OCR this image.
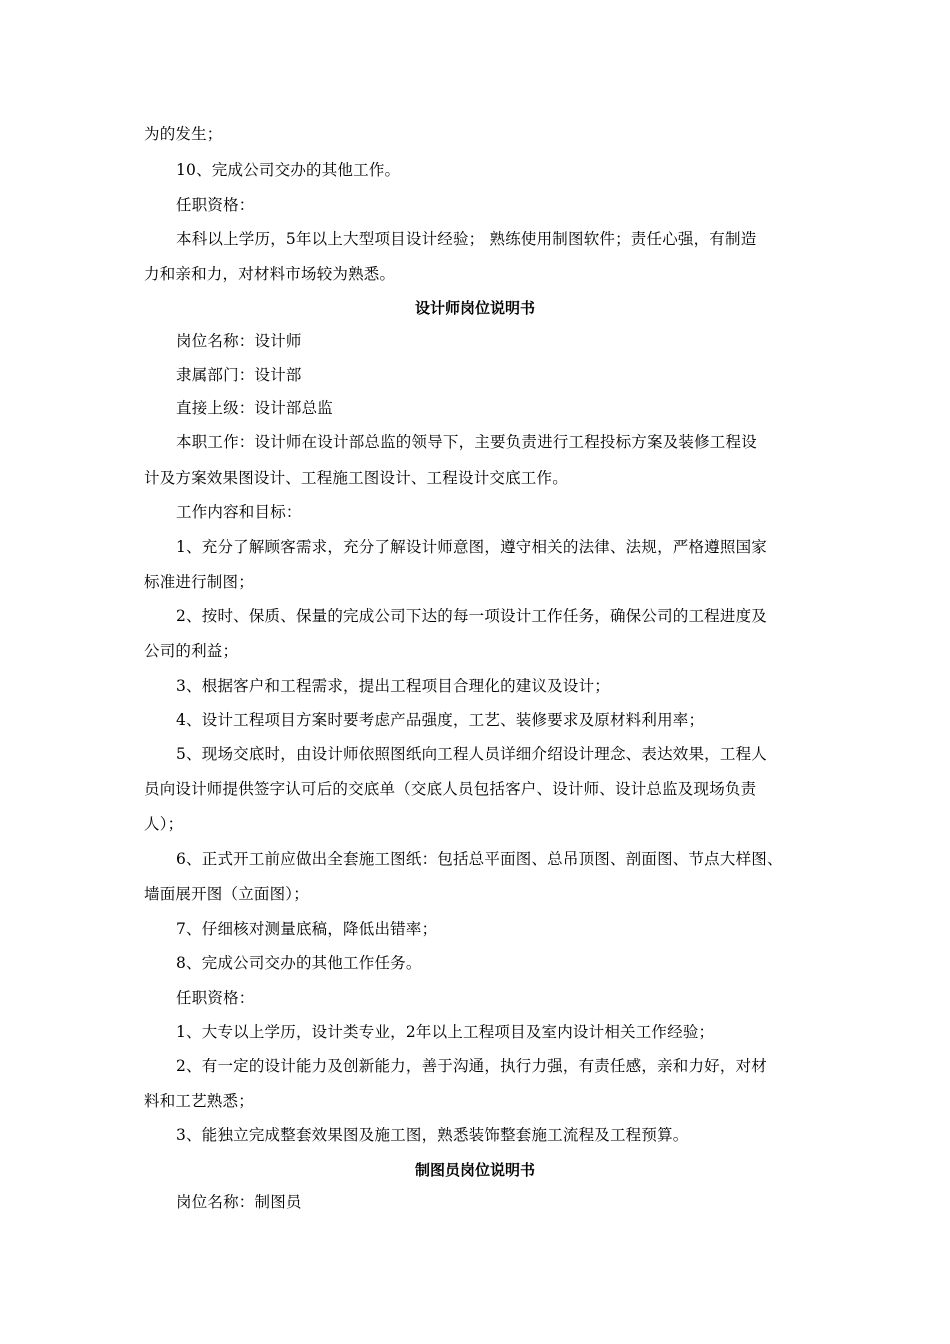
为的发生；
10、完成公司交办的其他工作。
任职资格：
本科以上学历，5年以上大型项目设计经验； 熟练使用制图软件；责任心强，有制造
力和亲和力，对材料市场较为熟悉。
设计师岗位说明书
岗位名称：设计师
隶属部门：设计部
直接上级：设计部总监
本职工作：设计师在设计部总监的领导下，主要负责进行工程投标方案及装修工程设
计及方案效果图设计、工程施工图设计、工程设计交底工作。
工作内容和目标：
1、充分了解顾客需求，充分了解设计师意图，遵守相关的法律、法规，严格遵照国家
标准进行制图；
2、按时、保质、保量的完成公司下达的每一项设计工作任务，确保公司的工程进度及
公司的利益；
3、根据客户和工程需求，提出工程项目合理化的建议及设计；
4、设计工程项目方案时要考虑产品强度，工艺、装修要求及原材料利用率；
5、现场交底时，由设计师依照图纸向工程人员详细介绍设计理念、表达效果，工程人
员向设计师提供签字认可后的交底单（交底人员包括客户、设计师、设计总监及现场负责
人）；
6、正式开工前应做出全套施工图纸：包括总平面图、总吊顶图、剖面图、节点大样图、
墙面展开图（立面图）；
7、仔细核对测量底稿，降低出错率；
8、完成公司交办的其他工作任务。
任职资格：
1、大专以上学历，设计类专业，2年以上工程项目及室内设计相关工作经验；
2、有一定的设计能力及创新能力，善于沟通，执行力强，有责任感，亲和力好，对材
料和工艺熟悉；
3、能独立完成整套效果图及施工图，熟悉装饰整套施工流程及工程预算。
制图员岗位说明书
岗位名称：制图员
